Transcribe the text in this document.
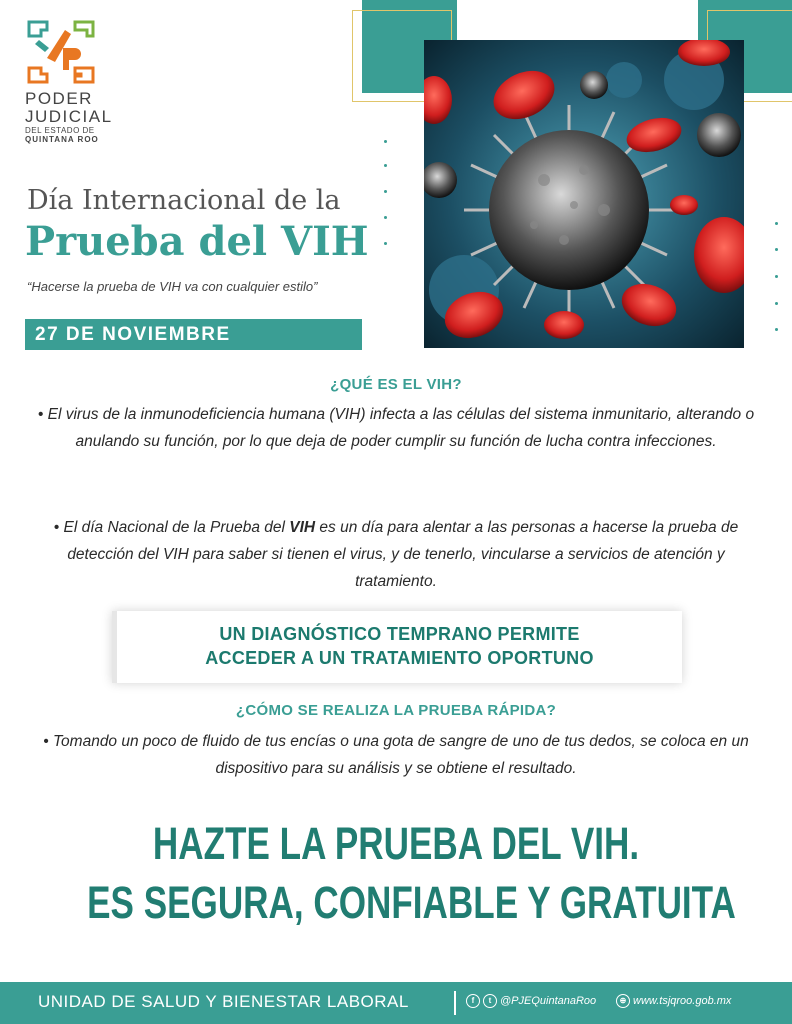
PODER
JUDICIAL
DEL ESTADO DE
QUINTANA ROO
Día Internacional de la
Prueba del VIH
“Hacerse la prueba de VIH va con cualquier estilo”
27 DE NOVIEMBRE
¿QUÉ ES EL VIH?
• El virus de la inmunodeficiencia humana (VIH) infecta a las células del sistema inmunitario, alterando o anulando su función, por lo que deja de poder cumplir su función de lucha contra infecciones.
• El día Nacional de la Prueba del VIH es un día para alentar a las personas a hacerse la prueba de detección del VIH para saber si tienen el virus, y de tenerlo, vincularse a servicios de atención y tratamiento.
UN DIAGNÓSTICO TEMPRANO PERMITE
ACCEDER A UN TRATAMIENTO OPORTUNO
¿CÓMO SE REALIZA LA PRUEBA RÁPIDA?
• Tomando un poco de fluido de tus encías o una gota de sangre de uno de tus dedos, se coloca en un dispositivo para su análisis y se obtiene el resultado.
HAZTE LA PRUEBA DEL VIH.
ES SEGURA, CONFIABLE Y GRATUITA
UNIDAD DE SALUD Y BIENESTAR LABORAL	f	t @PJEQuintanaRoo	⊕ www.tsjqroo.gob.mx
